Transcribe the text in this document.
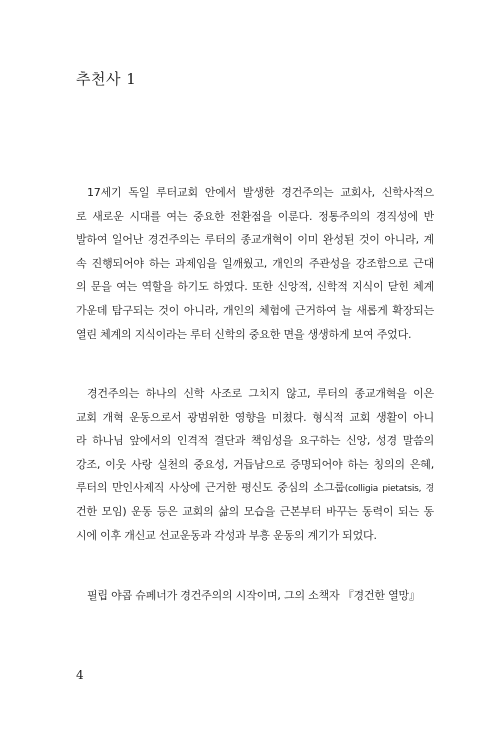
추천사 1
17세기 독일 루터교회 안에서 발생한 경건주의는 교회사, 신학사적으
로 새로운 시대를 여는 중요한 전환점을 이룬다. 정통주의의 경직성에 반
발하여 일어난 경건주의는 루터의 종교개혁이 이미 완성된 것이 아니라, 계
속 진행되어야 하는 과제임을 일깨웠고, 개인의 주관성을 강조함으로 근대
의 문을 여는 역할을 하기도 하였다. 또한 신앙적, 신학적 지식이 닫힌 체계
가운데 탐구되는 것이 아니라, 개인의 체험에 근거하여 늘 새롭게 확장되는
열린 체계의 지식이라는 루터 신학의 중요한 면을 생생하게 보여 주었다.
경건주의는 하나의 신학 사조로 그치지 않고, 루터의 종교개혁을 이은
교회 개혁 운동으로서 광범위한 영향을 미쳤다. 형식적 교회 생활이 아니
라 하나님 앞에서의 인격적 결단과 책임성을 요구하는 신앙, 성경 말씀의
강조, 이웃 사랑 실천의 중요성, 거듭남으로 증명되어야 하는 칭의의 은혜,
루터의 만인사제직 사상에 근거한 평신도 중심의 소그룹(colligia pietatsis, 경
건한 모임) 운동 등은 교회의 삶의 모습을 근본부터 바꾸는 동력이 되는 동
시에 이후 개신교 선교운동과 각성과 부흥 운동의 계기가 되었다.
필립 야콥 슈페너가 경건주의의 시작이며, 그의 소책자 『경건한 열망』
4
